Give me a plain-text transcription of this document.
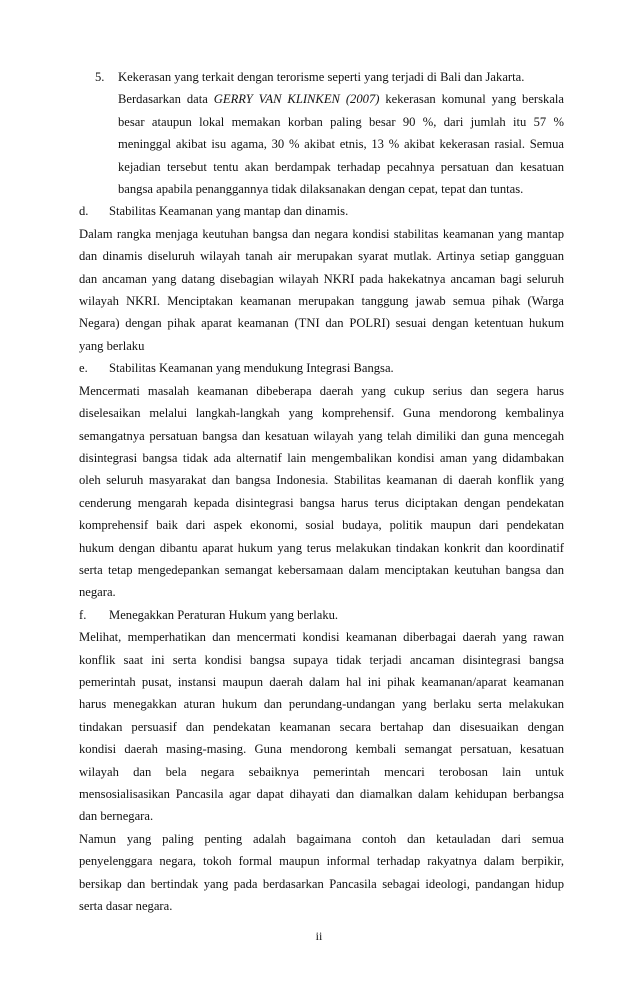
5. Kekerasan yang terkait dengan terorisme seperti yang terjadi di Bali dan Jakarta.
Berdasarkan data GERRY VAN KLINKEN (2007) kekerasan komunal yang berskala
besar ataupun lokal memakan korban paling besar 90 %, dari jumlah itu 57 %
meninggal akibat isu agama, 30 % akibat etnis, 13 % akibat kekerasan rasial. Semua
kejadian tersebut tentu akan berdampak terhadap pecahnya persatuan dan kesatuan
bangsa apabila penanggannya tidak dilaksanakan dengan cepat, tepat dan tuntas.

d. Stabilitas Keamanan yang mantap dan dinamis.

Dalam rangka menjaga keutuhan bangsa dan negara kondisi stabilitas keamanan yang mantap
dan dinamis diseluruh wilayah tanah air merupakan syarat mutlak. Artinya setiap gangguan
dan ancaman yang datang disebagian wilayah NKRI pada hakekatnya ancaman bagi seluruh
wilayah NKRI. Menciptakan keamanan merupakan tanggung jawab semua pihak (Warga
Negara) dengan pihak aparat keamanan (TNI dan POLRI) sesuai dengan ketentuan hukum
yang berlaku

e. Stabilitas Keamanan yang mendukung Integrasi Bangsa.

Mencermati masalah keamanan dibeberapa daerah yang cukup serius dan segera harus
diselesaikan melalui langkah-langkah yang komprehensif. Guna mendorong kembalinya
semangatnya persatuan bangsa dan kesatuan wilayah yang telah dimiliki dan guna mencegah
disintegrasi bangsa tidak ada alternatif lain mengembalikan kondisi aman yang didambakan
oleh seluruh masyarakat dan bangsa Indonesia. Stabilitas keamanan di daerah konflik yang
cenderung mengarah kepada disintegrasi bangsa harus terus diciptakan dengan pendekatan
komprehensif baik dari aspek ekonomi, sosial budaya, politik maupun dari pendekatan
hukum dengan dibantu aparat hukum yang terus melakukan tindakan konkrit dan koordinatif
serta tetap mengedepankan semangat kebersamaan dalam menciptakan keutuhan bangsa dan
negara.

f. Menegakkan Peraturan Hukum yang berlaku.

Melihat, memperhatikan dan mencermati kondisi keamanan diberbagai daerah yang rawan
konflik saat ini serta kondisi bangsa supaya tidak terjadi ancaman disintegrasi bangsa
pemerintah pusat, instansi maupun daerah dalam hal ini pihak keamanan/aparat keamanan
harus menegakkan aturan hukum dan perundang-undangan yang berlaku serta melakukan
tindakan persuasif dan pendekatan keamanan secara bertahap dan disesuaikan dengan
kondisi daerah masing-masing. Guna mendorong kembali semangat persatuan, kesatuan
wilayah dan bela negara sebaiknya pemerintah mencari terobosan lain untuk
mensosialisasikan Pancasila agar dapat dihayati dan diamalkan dalam kehidupan berbangsa
dan bernegara.
Namun yang paling penting adalah bagaimana contoh dan ketauladan dari semua
penyelenggara negara, tokoh formal maupun informal terhadap rakyatnya dalam berpikir,
bersikap dan bertindak yang pada berdasarkan Pancasila sebagai ideologi, pandangan hidup
serta dasar negara.
ii
